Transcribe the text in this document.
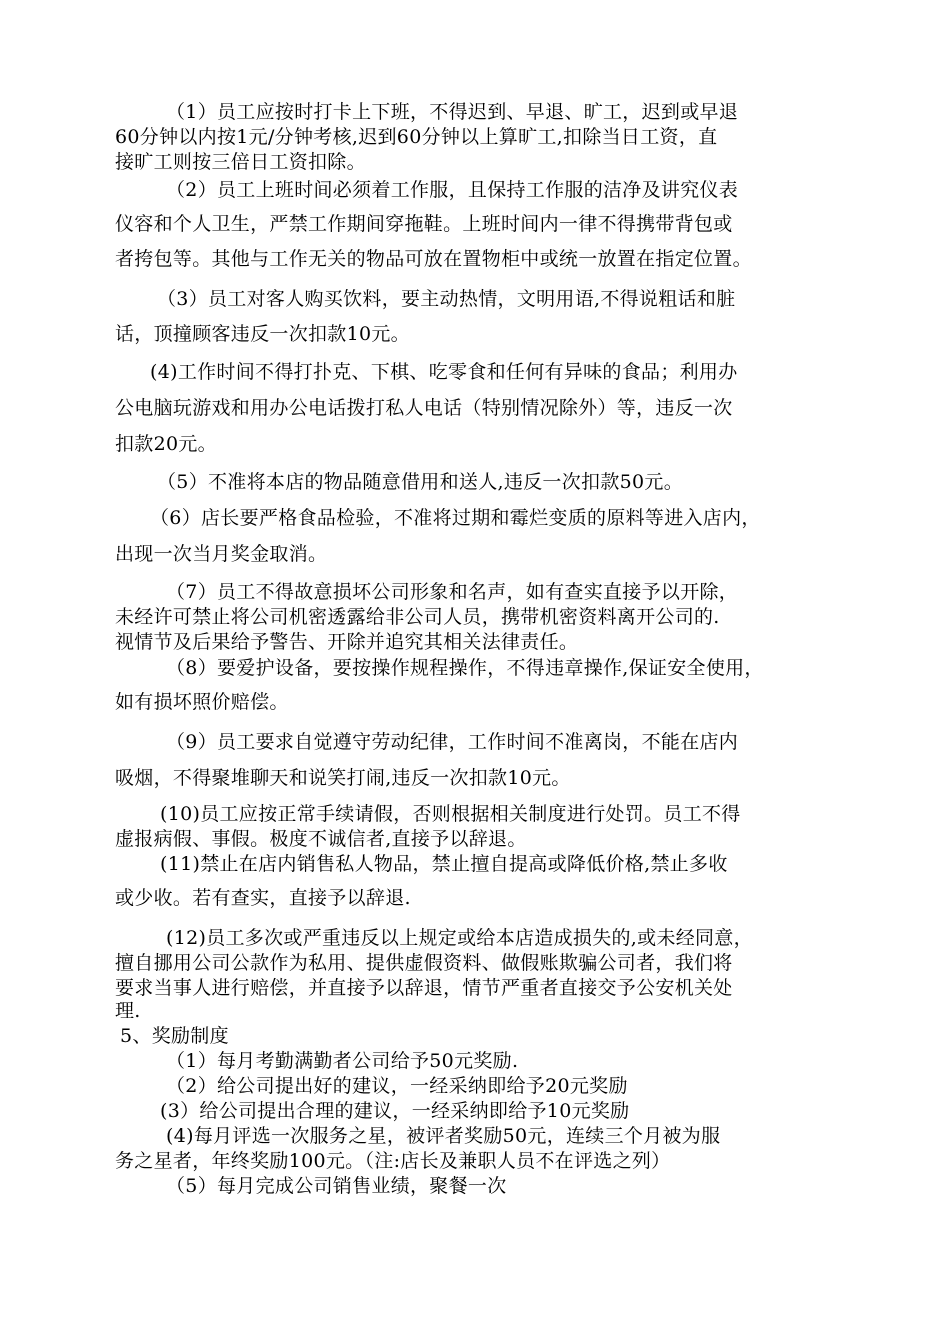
（1）员工应按时打卡上下班，不得迟到、早退、旷工，迟到或早退
60分钟以内按1元/分钟考核,迟到60分钟以上算旷工,扣除当日工资，直
接旷工则按三倍日工资扣除。
（2）员工上班时间必须着工作服，且保持工作服的洁净及讲究仪表
仪容和个人卫生，严禁工作期间穿拖鞋。上班时间内一律不得携带背包或
者挎包等。其他与工作无关的物品可放在置物柜中或统一放置在指定位置。
（3）员工对客人购买饮料，要主动热情，文明用语,不得说粗话和脏
话，顶撞顾客违反一次扣款10元。
(4)工作时间不得打扑克、下棋、吃零食和任何有异味的食品；利用办
公电脑玩游戏和用办公电话拨打私人电话（特别情况除外）等，违反一次
扣款20元。
（5）不准将本店的物品随意借用和送人,违反一次扣款50元。
（6）店长要严格食品检验，不准将过期和霉烂变质的原料等进入店内，
出现一次当月奖金取消。
（7）员工不得故意损坏公司形象和名声，如有查实直接予以开除，
未经许可禁止将公司机密透露给非公司人员，携带机密资料离开公司的.
视情节及后果给予警告、开除并追究其相关法律责任。
（8）要爱护设备，要按操作规程操作，不得违章操作,保证安全使用，
如有损坏照价赔偿。
（9）员工要求自觉遵守劳动纪律，工作时间不准离岗，不能在店内
吸烟，不得聚堆聊天和说笑打闹,违反一次扣款10元。
(10)员工应按正常手续请假，否则根据相关制度进行处罚。员工不得
虚报病假、事假。极度不诚信者,直接予以辞退。
(11)禁止在店内销售私人物品，禁止擅自提高或降低价格,禁止多收
或少收。若有查实，直接予以辞退.
(12)员工多次或严重违反以上规定或给本店造成损失的,或未经同意，
擅自挪用公司公款作为私用、提供虚假资料、做假账欺骗公司者，我们将
要求当事人进行赔偿，并直接予以辞退，情节严重者直接交予公安机关处
理.
5、奖励制度
（1）每月考勤满勤者公司给予50元奖励.
（2）给公司提出好的建议，一经采纳即给予20元奖励
(3）给公司提出合理的建议，一经采纳即给予10元奖励
(4)每月评选一次服务之星，被评者奖励50元，连续三个月被为服
务之星者，年终奖励100元。（注:店长及兼职人员不在评选之列）
（5）每月完成公司销售业绩，聚餐一次
